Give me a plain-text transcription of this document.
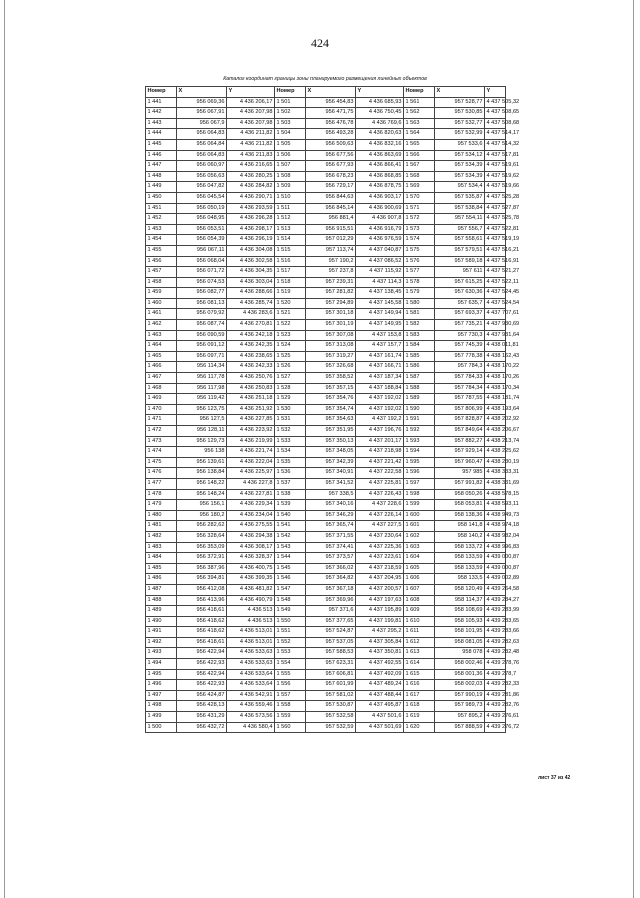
424
Каталог координат границы зоны планируемого размещения линейных объектов
Номер	X	Y	Номер	X	Y	Номер	X	Y
1 441	956 069,36	4 436 206,17	1 501	956 454,83	4 436 685,93	1 561	957 528,77	4 437 505,32
1 442	956 067,91	4 436 207,98	1 502	956 471,75	4 436 750,45	1 562	957 530,85	4 437 508,65
1 443	956 067,9	4 436 207,98	1 503	956 476,78	4 436 769,6	1 563	957 532,77	4 437 508,68
1 444	956 064,83	4 436 211,82	1 504	956 493,28	4 436 820,63	1 564	957 532,99	4 437 514,17
1 445	956 064,84	4 436 211,82	1 505	956 509,63	4 436 832,16	1 565	957 533,6	4 437 514,32
1 446	956 064,83	4 436 211,83	1 506	956 677,56	4 436 863,69	1 566	957 534,12	4 437 517,81
1 447	956 060,97	4 436 216,65	1 507	956 677,93	4 436 866,41	1 567	957 534,39	4 437 519,61
1 448	956 056,63	4 436 280,25	1 508	956 678,23	4 436 868,85	1 568	957 534,39	4 437 519,62
1 449	956 047,82	4 436 284,82	1 509	956 729,17	4 436 878,75	1 569	957 534,4	4 437 519,66
1 450	956 045,54	4 436 290,71	1 510	956 844,63	4 436 903,17	1 570	957 535,87	4 437 525,28
1 451	956 050,19	4 436 293,59	1 511	956 845,14	4 436 900,69	1 571	957 538,84	4 437 527,87
1 452	956 048,95	4 436 296,28	1 512	956 881,4	4 436 907,8	1 572	957 554,11	4 437 525,78
1 453	956 053,51	4 436 298,17	1 513	956 915,51	4 436 916,79	1 573	957 556,7	4 437 522,81
1 454	956 054,39	4 436 296,19	1 514	957 012,29	4 436 976,59	1 574	957 558,61	4 437 519,19
1 455	956 067,11	4 436 304,08	1 515	957 113,74	4 437 040,87	1 575	957 579,51	4 437 516,21
1 456	956 068,04	4 436 302,58	1 516	957 190,2	4 437 086,52	1 576	957 589,18	4 437 516,91
1 457	956 071,72	4 436 304,35	1 517	957 237,8	4 437 115,92	1 577	957 611	4 437 521,27
1 458	956 074,53	4 436 303,04	1 518	957 239,31	4 437 114,3	1 578	957 615,25	4 437 522,11
1 459	956 082,77	4 436 288,66	1 519	957 281,82	4 437 138,45	1 579	957 630,36	4 437 524,45
1 460	956 081,13	4 436 285,74	1 520	957 294,89	4 437 145,58	1 580	957 635,7	4 437 524,54
1 461	956 079,92	4 436 283,6	1 521	957 301,18	4 437 149,94	1 581	957 693,37	4 437 707,61
1 462	956 087,74	4 436 270,81	1 522	957 301,19	4 437 149,95	1 582	957 735,21	4 437 930,69
1 463	956 090,59	4 436 242,18	1 523	957 307,08	4 437 153,8	1 583	957 730,3	4 437 931,64
1 464	956 091,12	4 436 242,35	1 524	957 313,08	4 437 157,7	1 584	957 745,39	4 438 011,81
1 465	956 097,71	4 436 238,65	1 525	957 319,27	4 437 161,74	1 585	957 778,38	4 438 162,43
1 466	956 114,34	4 436 242,33	1 526	957 326,68	4 437 166,71	1 586	957 784,3	4 438 170,22
1 467	956 117,78	4 436 250,76	1 527	957 358,52	4 437 187,34	1 587	957 784,33	4 438 170,26
1 468	956 117,98	4 436 250,83	1 528	957 357,15	4 437 188,84	1 588	957 784,34	4 438 170,34
1 469	956 119,42	4 436 251,18	1 529	957 354,76	4 437 192,02	1 589	957 787,55	4 438 181,74
1 470	956 123,75	4 436 251,92	1 530	957 354,74	4 437 192,02	1 590	957 806,99	4 438 193,64
1 471	956 127,5	4 436 227,85	1 531	957 354,63	4 437 192,2	1 591	957 828,87	4 438 202,92
1 472	956 128,11	4 436 223,92	1 532	957 351,95	4 437 196,76	1 592	957 849,64	4 438 206,67
1 473	956 129,73	4 436 219,99	1 533	957 350,13	4 437 201,17	1 593	957 882,27	4 438 213,74
1 474	956 138	4 436 221,74	1 534	957 348,05	4 437 218,98	1 594	957 929,14	4 438 225,62
1 475	956 139,61	4 436 222,04	1 535	957 342,39	4 437 221,42	1 595	957 960,47	4 438 230,19
1 476	956 138,84	4 436 225,97	1 536	957 340,91	4 437 222,58	1 596	957 985	4 438 333,31
1 477	956 148,22	4 436 227,8	1 537	957 341,52	4 437 225,81	1 597	957 991,82	4 438 331,69
1 478	956 148,24	4 436 227,81	1 538	957 338,5	4 437 226,43	1 598	958 050,26	4 438 578,15
1 479	956 156,1	4 436 229,34	1 539	957 340,16	4 437 228,6	1 599	958 053,81	4 438 593,11
1 480	956 180,2	4 436 234,04	1 540	957 346,29	4 437 226,14	1 600	958 138,36	4 438 949,73
1 481	956 282,62	4 436 275,55	1 541	957 365,74	4 437 227,5	1 601	958 141,8	4 438 974,18
1 482	956 328,64	4 436 294,38	1 542	957 371,55	4 437 230,64	1 602	958 140,2	4 438 982,04
1 483	956 353,09	4 436 308,17	1 543	957 374,41	4 437 225,36	1 603	958 133,72	4 438 996,83
1 484	956 372,91	4 436 328,37	1 544	957 373,57	4 437 223,61	1 604	958 133,59	4 439 000,87
1 485	956 387,96	4 436 400,75	1 545	957 366,02	4 437 218,59	1 605	958 133,59	4 439 000,87
1 486	956 394,81	4 436 399,35	1 546	957 364,82	4 437 204,95	1 606	958 133,5	4 439 002,89
1 487	956 412,08	4 436 481,82	1 547	957 367,18	4 437 200,57	1 607	958 120,49	4 439 264,58
1 488	956 413,96	4 436 490,79	1 548	957 369,96	4 437 197,63	1 608	958 114,37	4 439 284,27
1 489	956 418,61	4 436 513	1 549	957 371,6	4 437 195,89	1 609	958 108,69	4 439 283,99
1 490	956 418,62	4 436 513	1 550	957 377,65	4 437 199,81	1 610	958 105,93	4 439 283,65
1 491	956 418,62	4 436 513,01	1 551	957 524,87	4 437 295,2	1 611	958 101,95	4 439 283,66
1 492	956 418,61	4 436 513,01	1 552	957 537,05	4 437 305,84	1 612	958 081,05	4 439 282,63
1 493	956 422,94	4 436 533,63	1 553	957 588,53	4 437 350,81	1 613	958 078	4 439 282,48
1 494	956 422,93	4 436 533,63	1 554	957 623,31	4 437 492,55	1 614	958 002,46	4 439 278,76
1 495	956 422,94	4 436 533,64	1 555	957 606,81	4 437 492,09	1 615	958 001,36	4 439 278,7
1 496	956 422,93	4 436 533,64	1 556	957 601,99	4 437 489,24	1 616	958 002,03	4 439 282,33
1 497	956 424,87	4 436 542,91	1 557	957 581,02	4 437 488,44	1 617	957 990,19	4 439 281,86
1 498	956 428,13	4 436 559,46	1 558	957 530,87	4 437 495,87	1 618	957 989,73	4 439 282,76
1 499	956 431,29	4 436 573,56	1 559	957 532,58	4 437 501,6	1 619	957 895,2	4 439 276,61
1 500	956 432,72	4 436 580,4	1 560	957 532,59	4 437 501,69	1 620	957 888,59	4 439 276,72
лист 37 из 42
